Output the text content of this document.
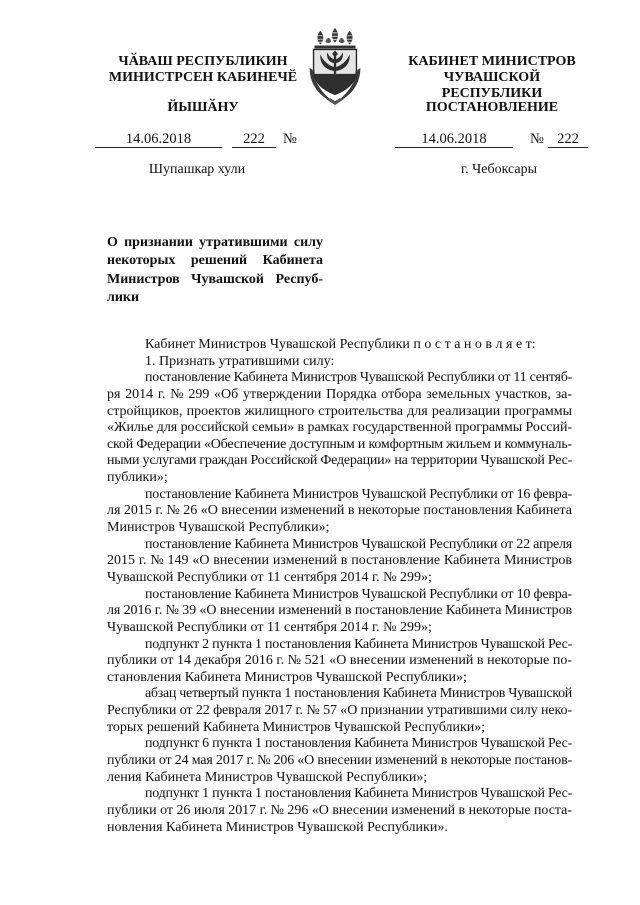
ЧӐВАШ РЕСПУБЛИКИН
МИНИСТРСЕН КАБИНЕЧӖ
ЙЫШӐНУ
14.06.2018	222	№
Шупашкар хули
КАБИНЕТ МИНИСТРОВ
ЧУВАШСКОЙ РЕСПУБЛИКИ
ПОСТАНОВЛЕНИЕ
14.06.2018	№ 222
г. Чебоксары
О признании утратившими силу
некоторых решений Кабинета
Министров Чувашской Респуб-
лики
Кабинет Министров Чувашской Республики п о с т а н о в л я е т:
1. Признать утратившими силу:
постановление Кабинета Министров Чувашской Республики от 11 сентяб-
ря 2014 г. № 299 «Об утверждении Порядка отбора земельных участков, за-
стройщиков, проектов жилищного строительства для реализации программы
«Жилье для российской семьи» в рамках государственной программы Россий-
ской Федерации «Обеспечение доступным и комфортным жильем и коммуналь-
ными услугами граждан Российской Федерации» на территории Чувашской Рес-
публики»;
постановление Кабинета Министров Чувашской Республики от 16 февра-
ля 2015 г. № 26 «О внесении изменений в некоторые постановления Кабинета
Министров Чувашской Республики»;
постановление Кабинета Министров Чувашской Республики от 22 апреля
2015 г. № 149 «О внесении изменений в постановление Кабинета Министров
Чувашской Республики от 11 сентября 2014 г. № 299»;
постановление Кабинета Министров Чувашской Республики от 10 февра-
ля 2016 г. № 39 «О внесении изменений в постановление Кабинета Министров
Чувашской Республики от 11 сентября 2014 г. № 299»;
подпункт 2 пункта 1 постановления Кабинета Министров Чувашской Рес-
публики от 14 декабря 2016 г. № 521 «О внесении изменений в некоторые по-
становления Кабинета Министров Чувашской Республики»;
абзац четвертый пункта 1 постановления Кабинета Министров Чувашской
Республики от 22 февраля 2017 г. № 57 «О признании утратившими силу неко-
торых решений Кабинета Министров Чувашской Республики»;
подпункт 6 пункта 1 постановления Кабинета Министров Чувашской Рес-
публики от 24 мая 2017 г. № 206 «О внесении изменений в некоторые постанов-
ления Кабинета Министров Чувашской Республики»;
подпункт 1 пункта 1 постановления Кабинета Министров Чувашской Рес-
публики от 26 июля 2017 г. № 296 «О внесении изменений в некоторые поста-
новления Кабинета Министров Чувашской Республики».
